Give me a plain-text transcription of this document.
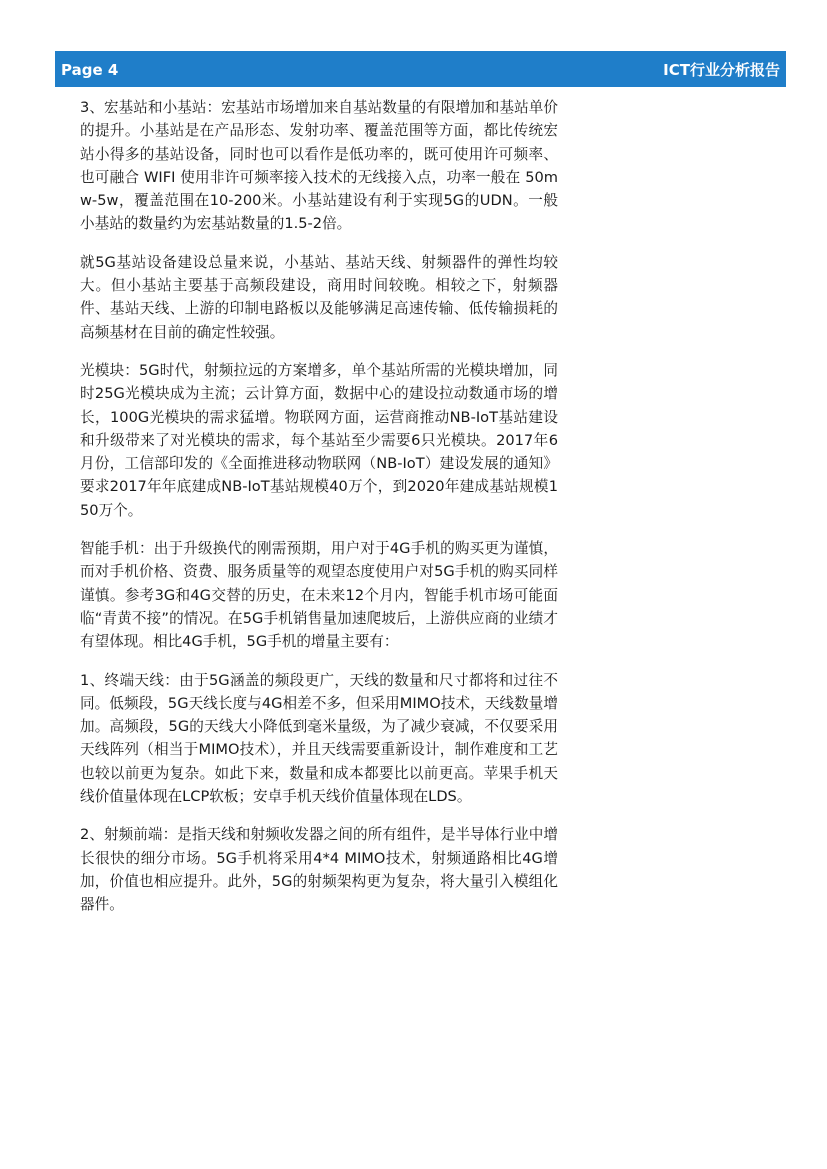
Page 4	ICT行业分析报告

3、宏基站和小基站：宏基站市场增加来自基站数量的有限增加和基站单价的提升。小基站是在产品形态、发射功率、覆盖范围等方面，都比传统宏站小得多的基站设备，同时也可以看作是低功率的，既可使用许可频率、也可融合 WIFI 使用非许可频率接入技术的无线接入点，功率一般在 50mw-5w，覆盖范围在10-200米。小基站建设有利于实现5G的UDN。一般小基站的数量约为宏基站数量的1.5-2倍。

就5G基站设备建设总量来说，小基站、基站天线、射频器件的弹性均较大。但小基站主要基于高频段建设，商用时间较晚。相较之下，射频器件、基站天线、上游的印制电路板以及能够满足高速传输、低传输损耗的高频基材在目前的确定性较强。

光模块：5G时代，射频拉远的方案增多，单个基站所需的光模块增加，同时25G光模块成为主流；云计算方面，数据中心的建设拉动数通市场的增长，100G光模块的需求猛增。物联网方面，运营商推动NB-IoT基站建设和升级带来了对光模块的需求，每个基站至少需要6只光模块。2017年6月份，工信部印发的《全面推进移动物联网（NB-IoT）建设发展的通知》要求2017年年底建成NB-IoT基站规模40万个，到2020年建成基站规模150万个。

智能手机：出于升级换代的刚需预期，用户对于4G手机的购买更为谨慎，而对手机价格、资费、服务质量等的观望态度使用户对5G手机的购买同样谨慎。参考3G和4G交替的历史，在未来12个月内，智能手机市场可能面临“青黄不接”的情况。在5G手机销售量加速爬坡后，上游供应商的业绩才有望体现。相比4G手机，5G手机的增量主要有：

1、终端天线：由于5G涵盖的频段更广，天线的数量和尺寸都将和过往不同。低频段，5G天线长度与4G相差不多，但采用MIMO技术，天线数量增加。高频段，5G的天线大小降低到毫米量级，为了减少衰减，不仅要采用天线阵列（相当于MIMO技术），并且天线需要重新设计，制作难度和工艺也较以前更为复杂。如此下来，数量和成本都要比以前更高。苹果手机天线价值量体现在LCP软板；安卓手机天线价值量体现在LDS。

2、射频前端：是指天线和射频收发器之间的所有组件，是半导体行业中增长很快的细分市场。5G手机将采用4*4 MIMO技术，射频通路相比4G增加，价值也相应提升。此外，5G的射频架构更为复杂，将大量引入模组化器件。
